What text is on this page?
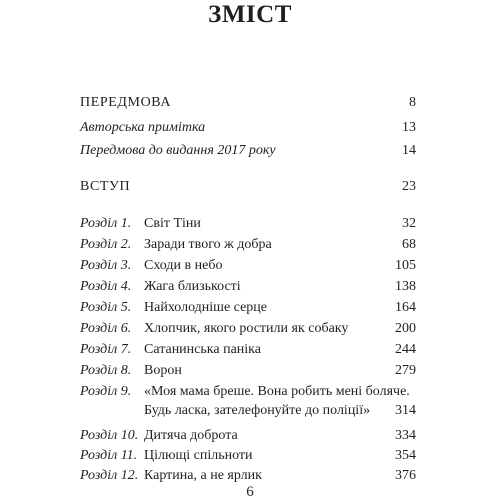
ЗМІСТ
ПЕРЕДМОВА	8
Авторська примітка	13
Передмова до видання 2017 року	14
ВСТУП	23
Розділ 1. Світ Тіни	32
Розділ 2. Заради твого ж добра	68
Розділ 3. Сходи в небо	105
Розділ 4. Жага близькості	138
Розділ 5. Найхолодніше серце	164
Розділ 6. Хлопчик, якого ростили як собаку	200
Розділ 7. Сатанинська паніка	244
Розділ 8. Ворон	279
Розділ 9. «Моя мама бреше. Вона робить мені боляче.
Будь ласка, зателефонуйте до поліції» 314
Розділ 10. Дитяча доброта	334
Розділ 11. Цілющі спільноти	354
Розділ 12. Картина, а не ярлик	376
6
